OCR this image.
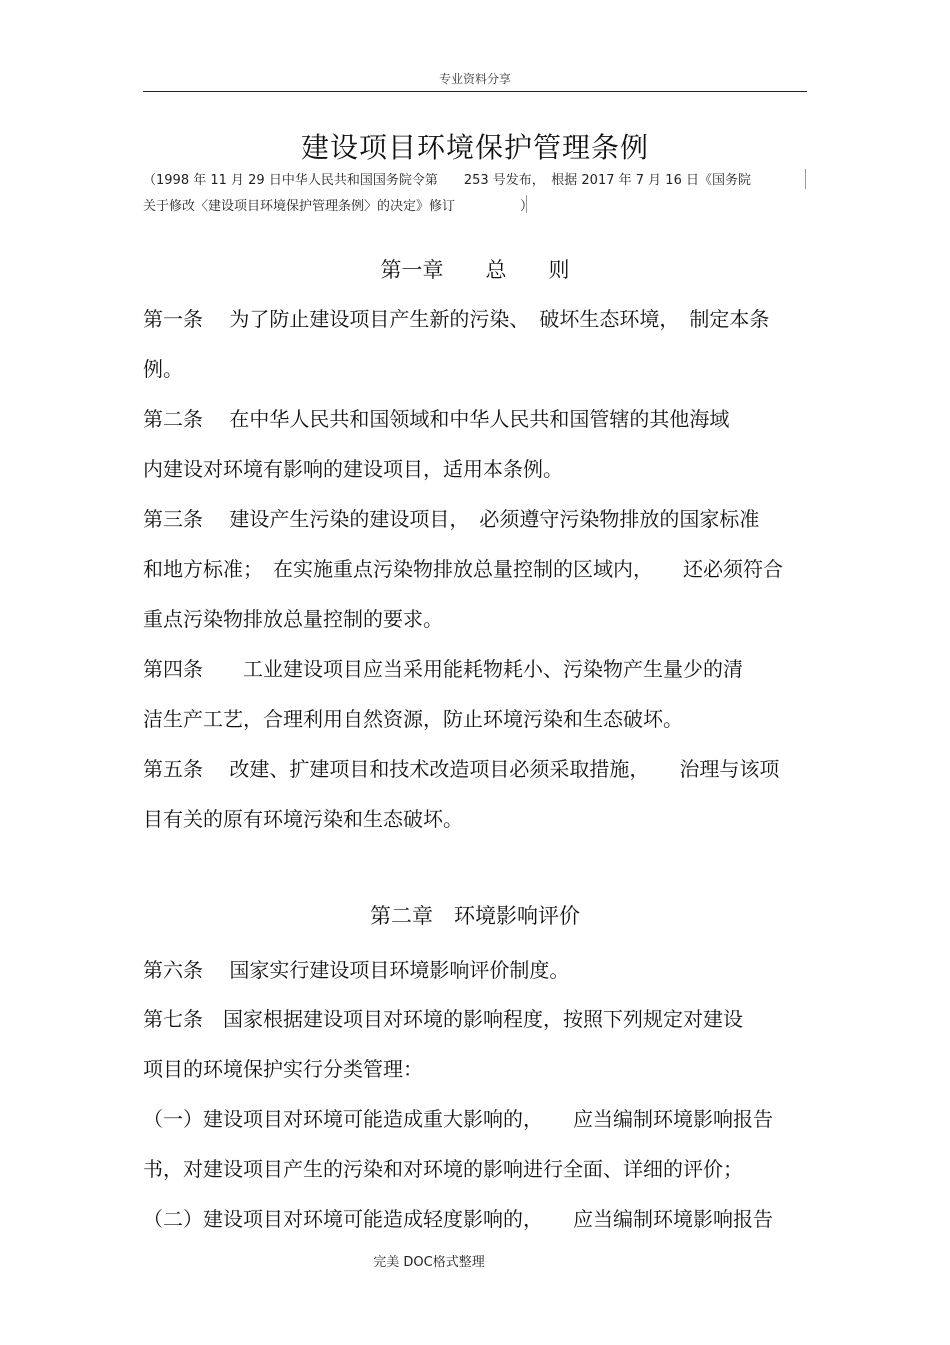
专业资料分享
建设项目环境保护管理条例
（1998 年 11 月 29 日中华人民共和国国务院令第　　253 号发布，　根据 2017 年 7 月 16 日《国务院
关于修改〈建设项目环境保护管理条例〉的决定》修订　　　　　）
第一章　　总　　则
第一条　 为了防止建设项目产生新的污染、　破坏生态环境，　制定本条
例。
第二条　 在中华人民共和国领域和中华人民共和国管辖的其他海域
内建设对环境有影响的建设项目，适用本条例。
第三条　 建设产生污染的建设项目，　必须遵守污染物排放的国家标准
和地方标准；　在实施重点污染物排放总量控制的区域内，　　还必须符合
重点污染物排放总量控制的要求。
第四条　　工业建设项目应当采用能耗物耗小、污染物产生量少的清
洁生产工艺，合理利用自然资源，防止环境污染和生态破坏。
第五条　 改建、扩建项目和技术改造项目必须采取措施，　　治理与该项
目有关的原有环境污染和生态破坏。
第二章　环境影响评价
第六条　 国家实行建设项目环境影响评价制度。
第七条　国家根据建设项目对环境的影响程度，按照下列规定对建设
项目的环境保护实行分类管理：
（一）建设项目对环境可能造成重大影响的，　　应当编制环境影响报告
书，对建设项目产生的污染和对环境的影响进行全面、详细的评价；
（二）建设项目对环境可能造成轻度影响的，　　应当编制环境影响报告
完美 DOC格式整理
